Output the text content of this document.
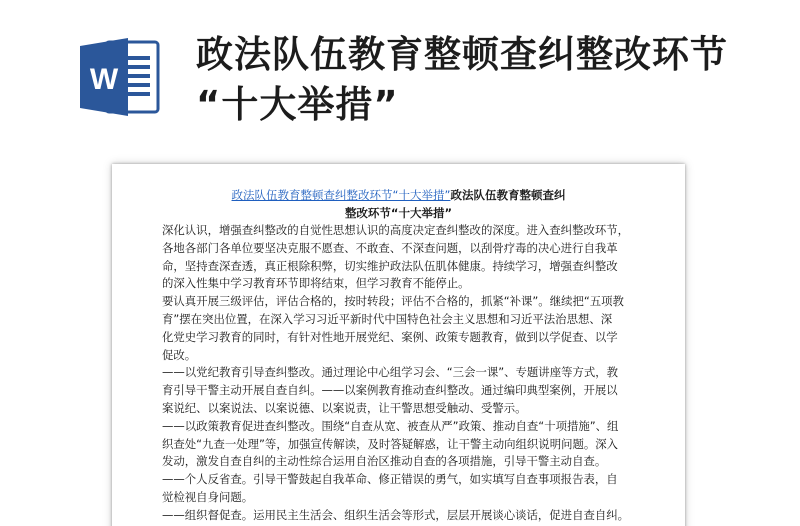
W
政法队伍教育整顿查纠整改环节
“十大举措”
政法队伍教育整顿查纠整改环节“十大举措”政法队伍教育整顿查纠
整改环节“十大举措”

深化认识，增强查纠整改的自觉性思想认识的高度决定查纠整改的深度。进入查纠整改环节，

各地各部门各单位要坚决克服不愿查、不敢查、不深查问题，以刮骨疗毒的决心进行自我革

命，坚持查深查透，真正根除积弊，切实维护政法队伍肌体健康。持续学习，增强查纠整改

的深入性集中学习教育环节即将结束，但学习教育不能停止。

要认真开展三级评估，评估合格的，按时转段；评估不合格的，抓紧“补课”。继续把“五项教

育”摆在突出位置，在深入学习习近平新时代中国特色社会主义思想和习近平法治思想、深

化党史学习教育的同时，有针对性地开展党纪、案例、政策专题教育，做到以学促查、以学

促改。

——以党纪教育引导查纠整改。通过理论中心组学习会、“三会一课”、专题讲座等方式，教

育引导干警主动开展自查自纠。——以案例教育推动查纠整改。通过编印典型案例，开展以

案说纪、以案说法、以案说德、以案说责，让干警思想受触动、受警示。

——以政策教育促进查纠整改。围绕“自查从宽、被查从严”政策、推动自查“十项措施”、组

织查处“九查一处理”等，加强宣传解读，及时答疑解惑，让干警主动向组织说明问题。深入

发动，激发自查自纠的主动性综合运用自治区推动自查的各项措施，引导干警主动自查。

——个人反省查。引导干警鼓起自我革命、修正错误的勇气，如实填写自查事项报告表，自

觉检视自身问题。

——组织督促查。运用民主生活会、组织生活会等形式，层层开展谈心谈话，促进自查自纠。
